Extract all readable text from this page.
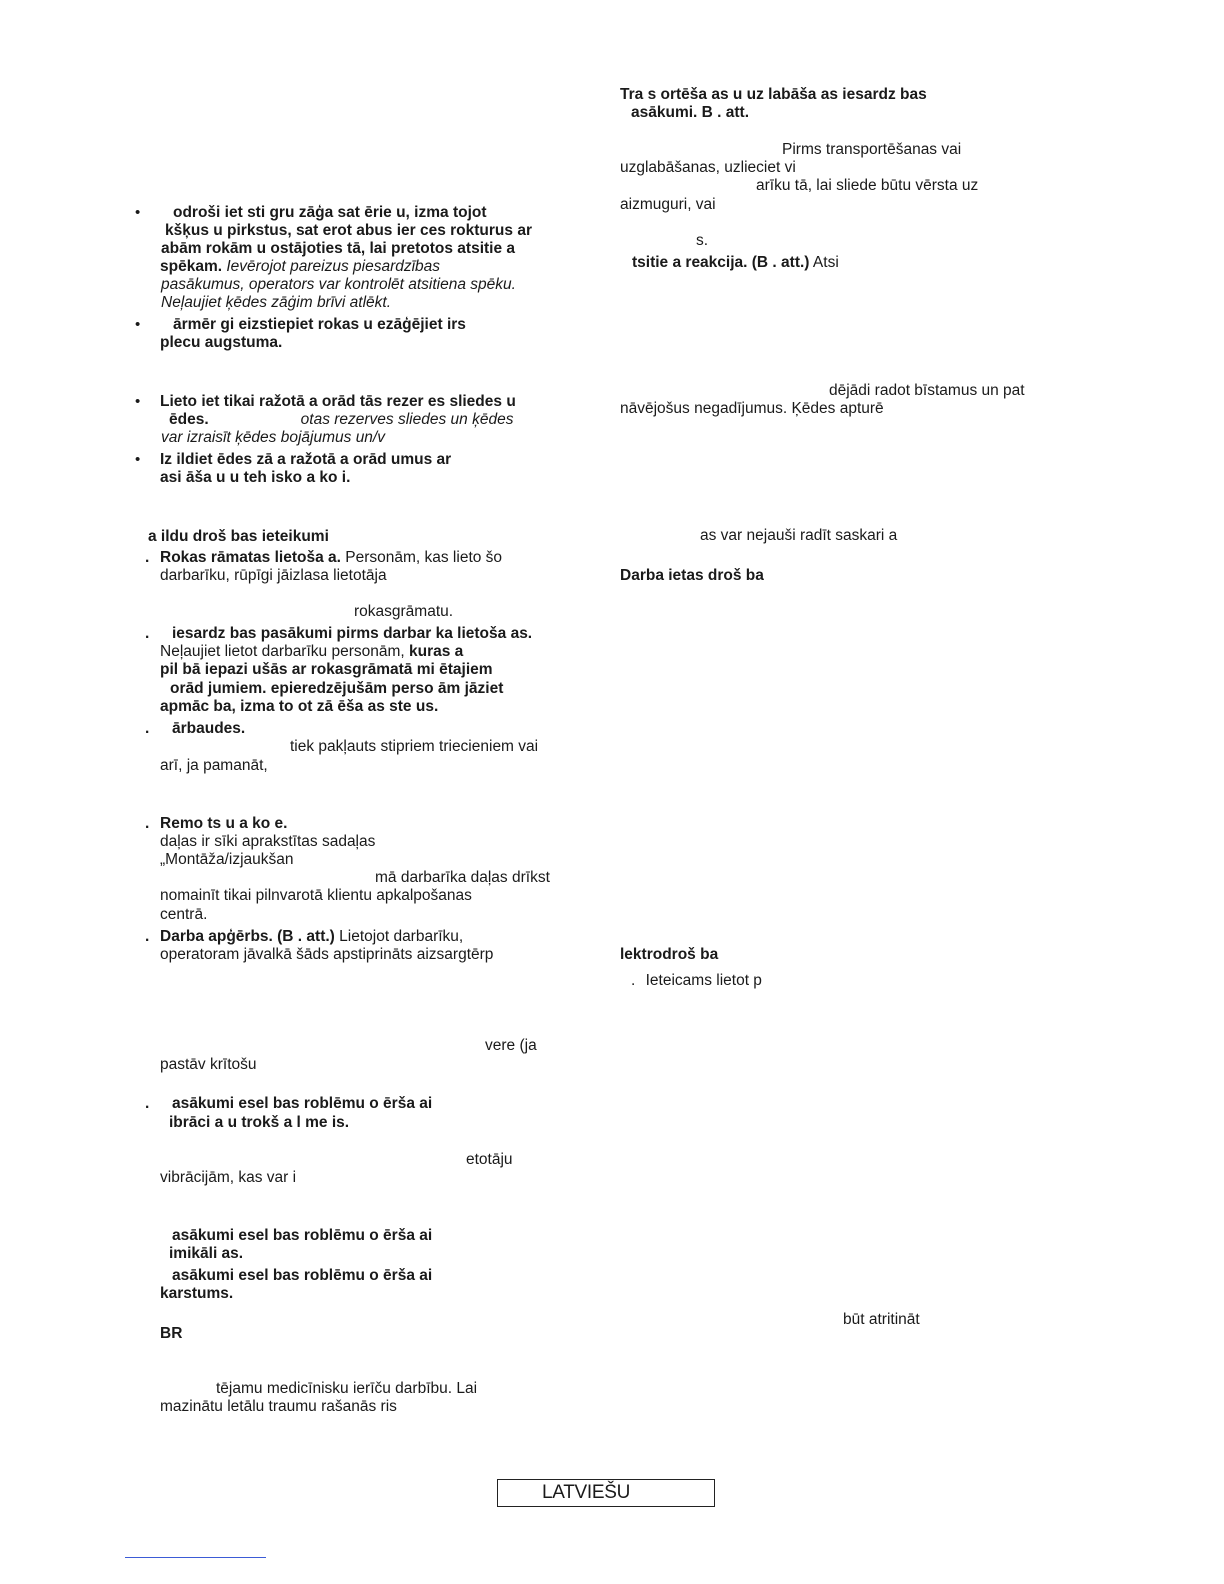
• odroši iet sti gru zāģa sat ērie u, izma tojot
kšķus u pirkstus, sat erot abus ier ces rokturus ar
abām rokām u ostājoties tā, lai pretotos atsitie a
spēkam. Ievērojot pareizus piesardzības
pasākumus, operators var kontrolēt atsitiena spēku.
Neļaujiet ķēdes zāģim brīvi atlēkt.
• ārmēr gi eizstiepiet rokas u ezāģējiet irs
plecu augstuma.
• Lieto iet tikai ražotā a orād tās rezer es sliedes u
ēdes.	otas rezerves sliedes un ķēdes
var izraisīt ķēdes bojājumus un/v
• Iz ildiet ēdes zā a ražotā a orād umus ar
asi āša u u teh isko a ko i.
a ildu droš bas ieteikumi
. Rokas rāmatas lietoša a. Personām, kas lieto šo
darbarīku, rūpīgi jāizlasa lietotāja
rokasgrāmatu.
. iesardz bas pasākumi pirms darbar ka lietoša as.
Neļaujiet lietot darbarīku personām, kuras a
pil bā iepazi ušās ar rokasgrāmatā mi ētajiem
orād jumiem. epieredzējušām perso ām jāziet
apmāc ba, izma to ot zā ēša as ste us.
. ārbaudes.
tiek pakļauts stipriem triecieniem vai
arī, ja pamanāt,
. Remo ts u a ko e.
daļas ir sīki aprakstītas sadaļas
„Montāža/izjaukšan
mā darbarīka daļas drīkst
nomainīt tikai pilnvarotā klientu apkalpošanas
centrā.
. Darba apģērbs. (B . att.) Lietojot darbarīku,
operatoram jāvalkā šāds apstiprināts aizsargtērp
vere (ja
pastāv krītošu
. asākumi esel bas roblēmu o ēršа ai
ibrāci a u trokš a l me is.
etotāju
vibrācijām, kas var i
asākumi esel bas roblēmu o ēršа ai
imikāli as.
asākumi esel bas roblēmu o ēršа ai
karstums.
BR
tējamu medicīnisku ierīču darbību. Lai
mazinātu letālu traumu rašanās ris
Tra s ortēša as u uz labāša as iesardz bas
asākumi. B . att.
Pirms transportēšanas vai
uzglabāšanas, uzlieciet vi
arīku tā, lai sliede būtu vērsta uz
aizmuguri, vai
s.
tsitie a reakcija. (B . att.) Atsi
dējādi radot bīstamus un pat
nāvējošus negadījumus. Ķēdes apturē
as var nejauši radīt saskari a
Darba ietas droš ba
lektrodroš ba
. Ieteicams lietot p
būt atritināt
LATVIEŠU
